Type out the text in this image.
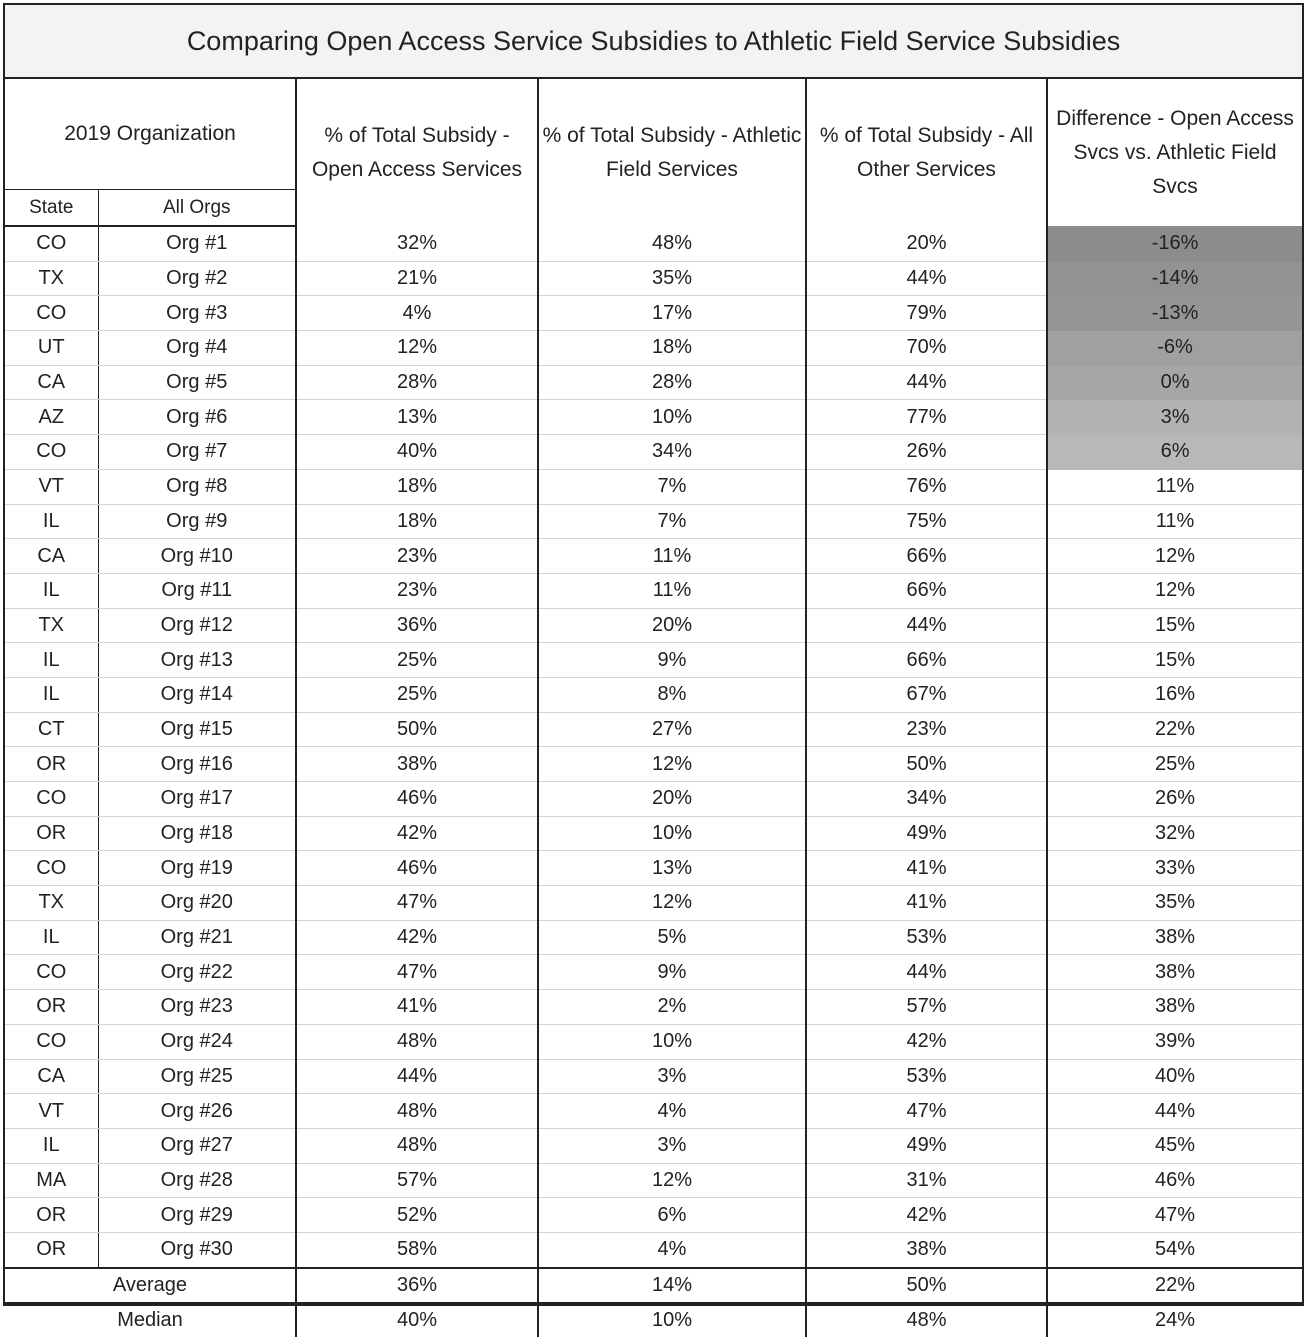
Comparing Open Access Service Subsidies to Athletic Field Service Subsidies					
2019 Organization		% of Total Subsidy - Open Access Services	% of Total Subsidy - Athletic Field Services	% of Total Subsidy - All Other Services	Difference - Open Access Svcs vs. Athletic Field Svcs
State	All Orgs				
CO	Org #1	32%	48%	20%	-16%
TX	Org #2	21%	35%	44%	-14%
CO	Org #3	4%	17%	79%	-13%
UT	Org #4	12%	18%	70%	-6%
CA	Org #5	28%	28%	44%	0%
AZ	Org #6	13%	10%	77%	3%
CO	Org #7	40%	34%	26%	6%
VT	Org #8	18%	7%	76%	11%
IL	Org #9	18%	7%	75%	11%
CA	Org #10	23%	11%	66%	12%
IL	Org #11	23%	11%	66%	12%
TX	Org #12	36%	20%	44%	15%
IL	Org #13	25%	9%	66%	15%
IL	Org #14	25%	8%	67%	16%
CT	Org #15	50%	27%	23%	22%
OR	Org #16	38%	12%	50%	25%
CO	Org #17	46%	20%	34%	26%
OR	Org #18	42%	10%	49%	32%
CO	Org #19	46%	13%	41%	33%
TX	Org #20	47%	12%	41%	35%
IL	Org #21	42%	5%	53%	38%
CO	Org #22	47%	9%	44%	38%
OR	Org #23	41%	2%	57%	38%
CO	Org #24	48%	10%	42%	39%
CA	Org #25	44%	3%	53%	40%
VT	Org #26	48%	4%	47%	44%
IL	Org #27	48%	3%	49%	45%
MA	Org #28	57%	12%	31%	46%
OR	Org #29	52%	6%	42%	47%
OR	Org #30	58%	4%	38%	54%
Average		36%	14%	50%	22%
Median		40%	10%	48%	24%
